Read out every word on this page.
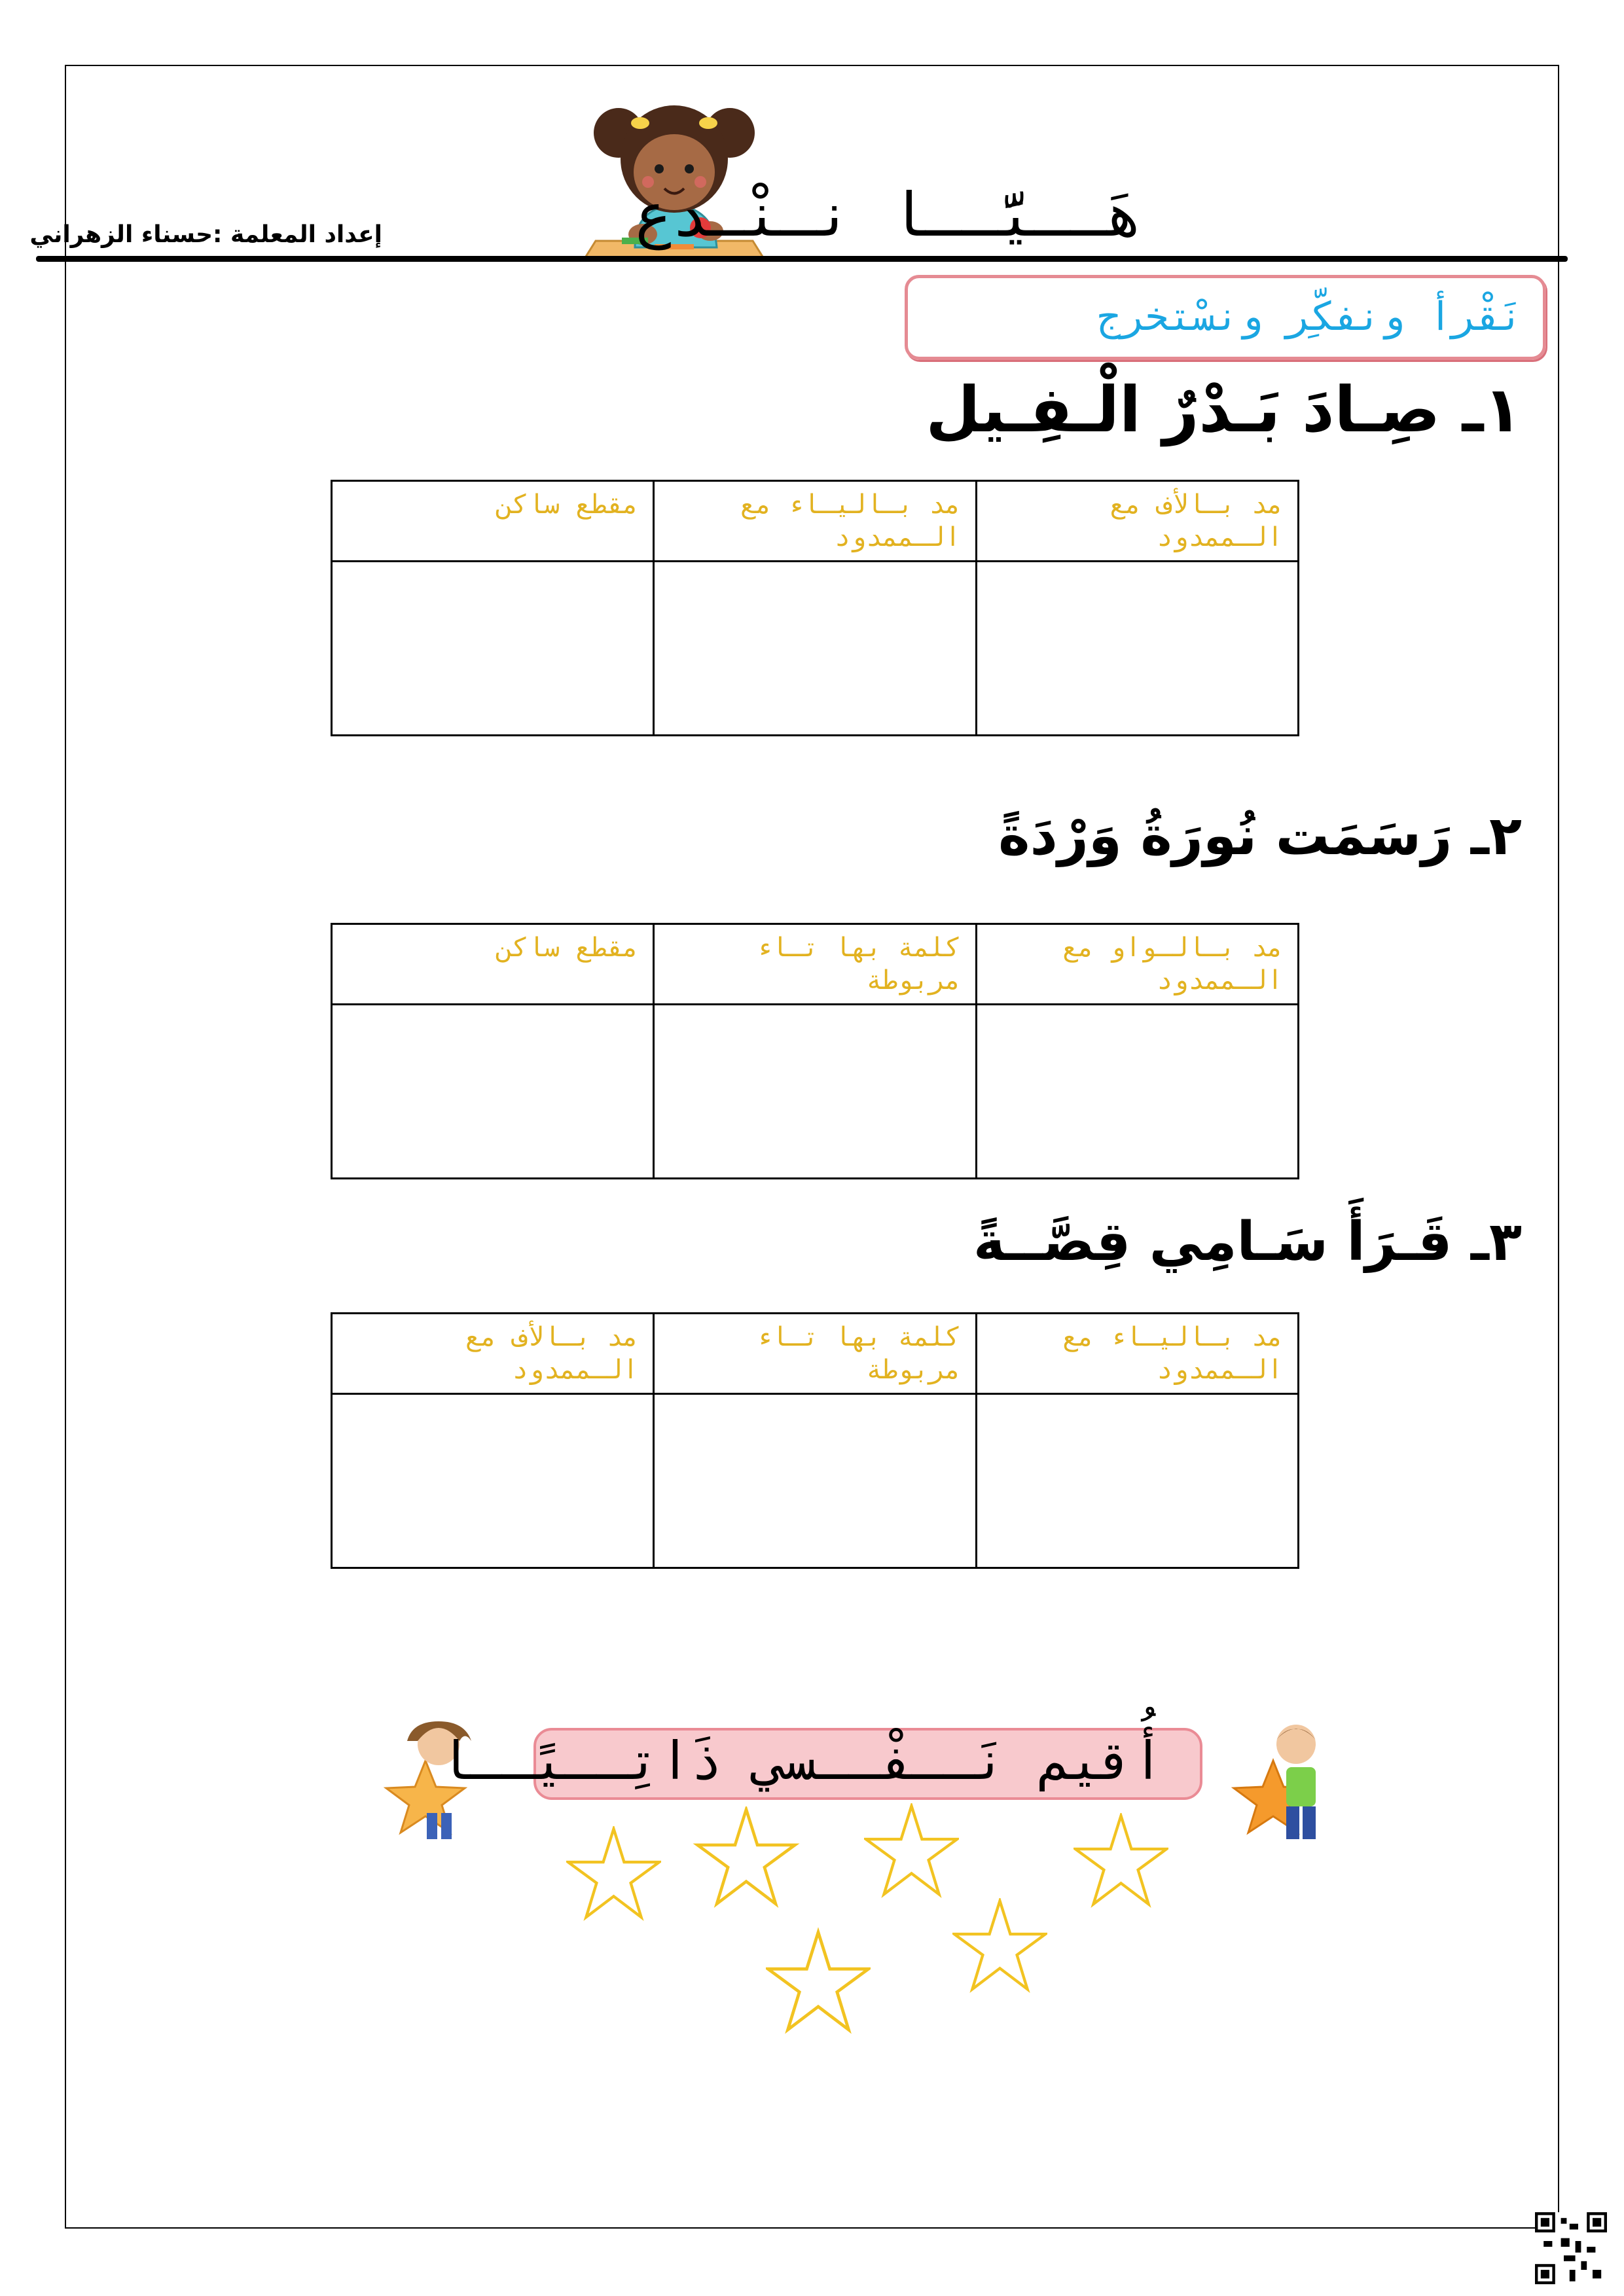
إعداد المعلمة :حسناء الزهراني	هَــيَّــا نـنْـدع
نَقْرأ ونفكِّر ونسْتخرج
١ـ صِـادَ بَـدْرٌ الْـفِـيل
مد بـالأف مع الـممدود	مد بـاليـاء مع الـممدود	مقطع ساكن

٢ـ رَسَمَت نُورَةُ وَرْدَةً
مد بـالـواو مع الـممدود	كلمة بها تـاء مربوطة	مقطع ساكن

٣ـ قَـرَأَ سَـامِي قِصَّــةً
مد بـاليـاء مع الـممدود	كلمة بها تـاء مربوطة	مد بـالأف مع الـممدود

أُقيم نَــفْــسي ذَاتِــيًــا
